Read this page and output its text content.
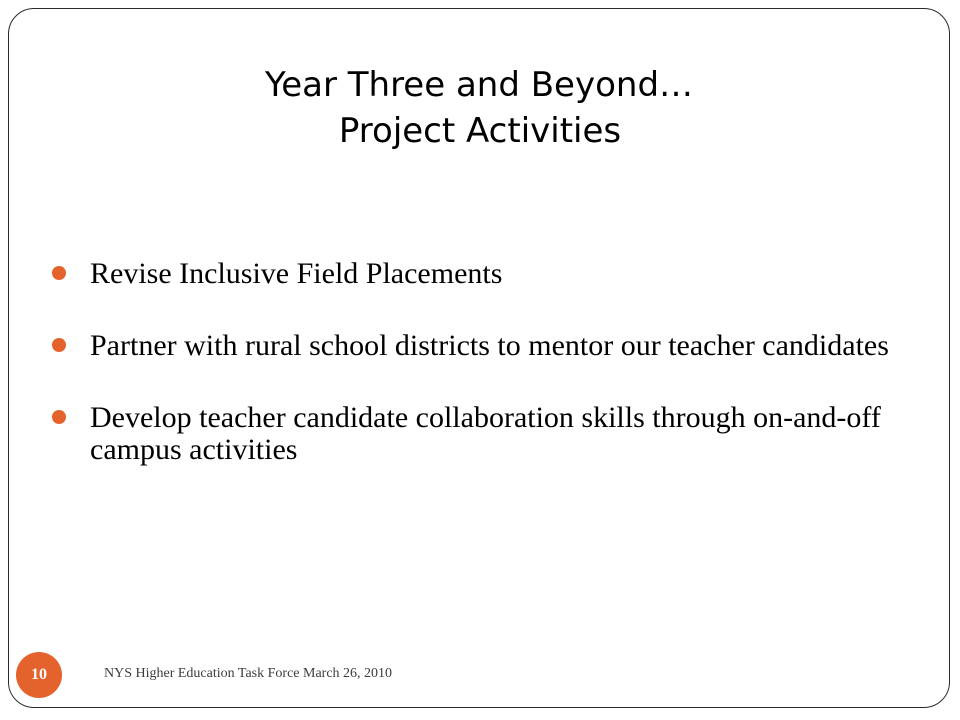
Year Three and Beyond…
Project Activities
Revise Inclusive Field Placements
Partner with rural school districts to mentor our teacher candidates
Develop teacher candidate collaboration skills through on-and-off campus activities
10	NYS Higher Education Task Force March 26, 2010
